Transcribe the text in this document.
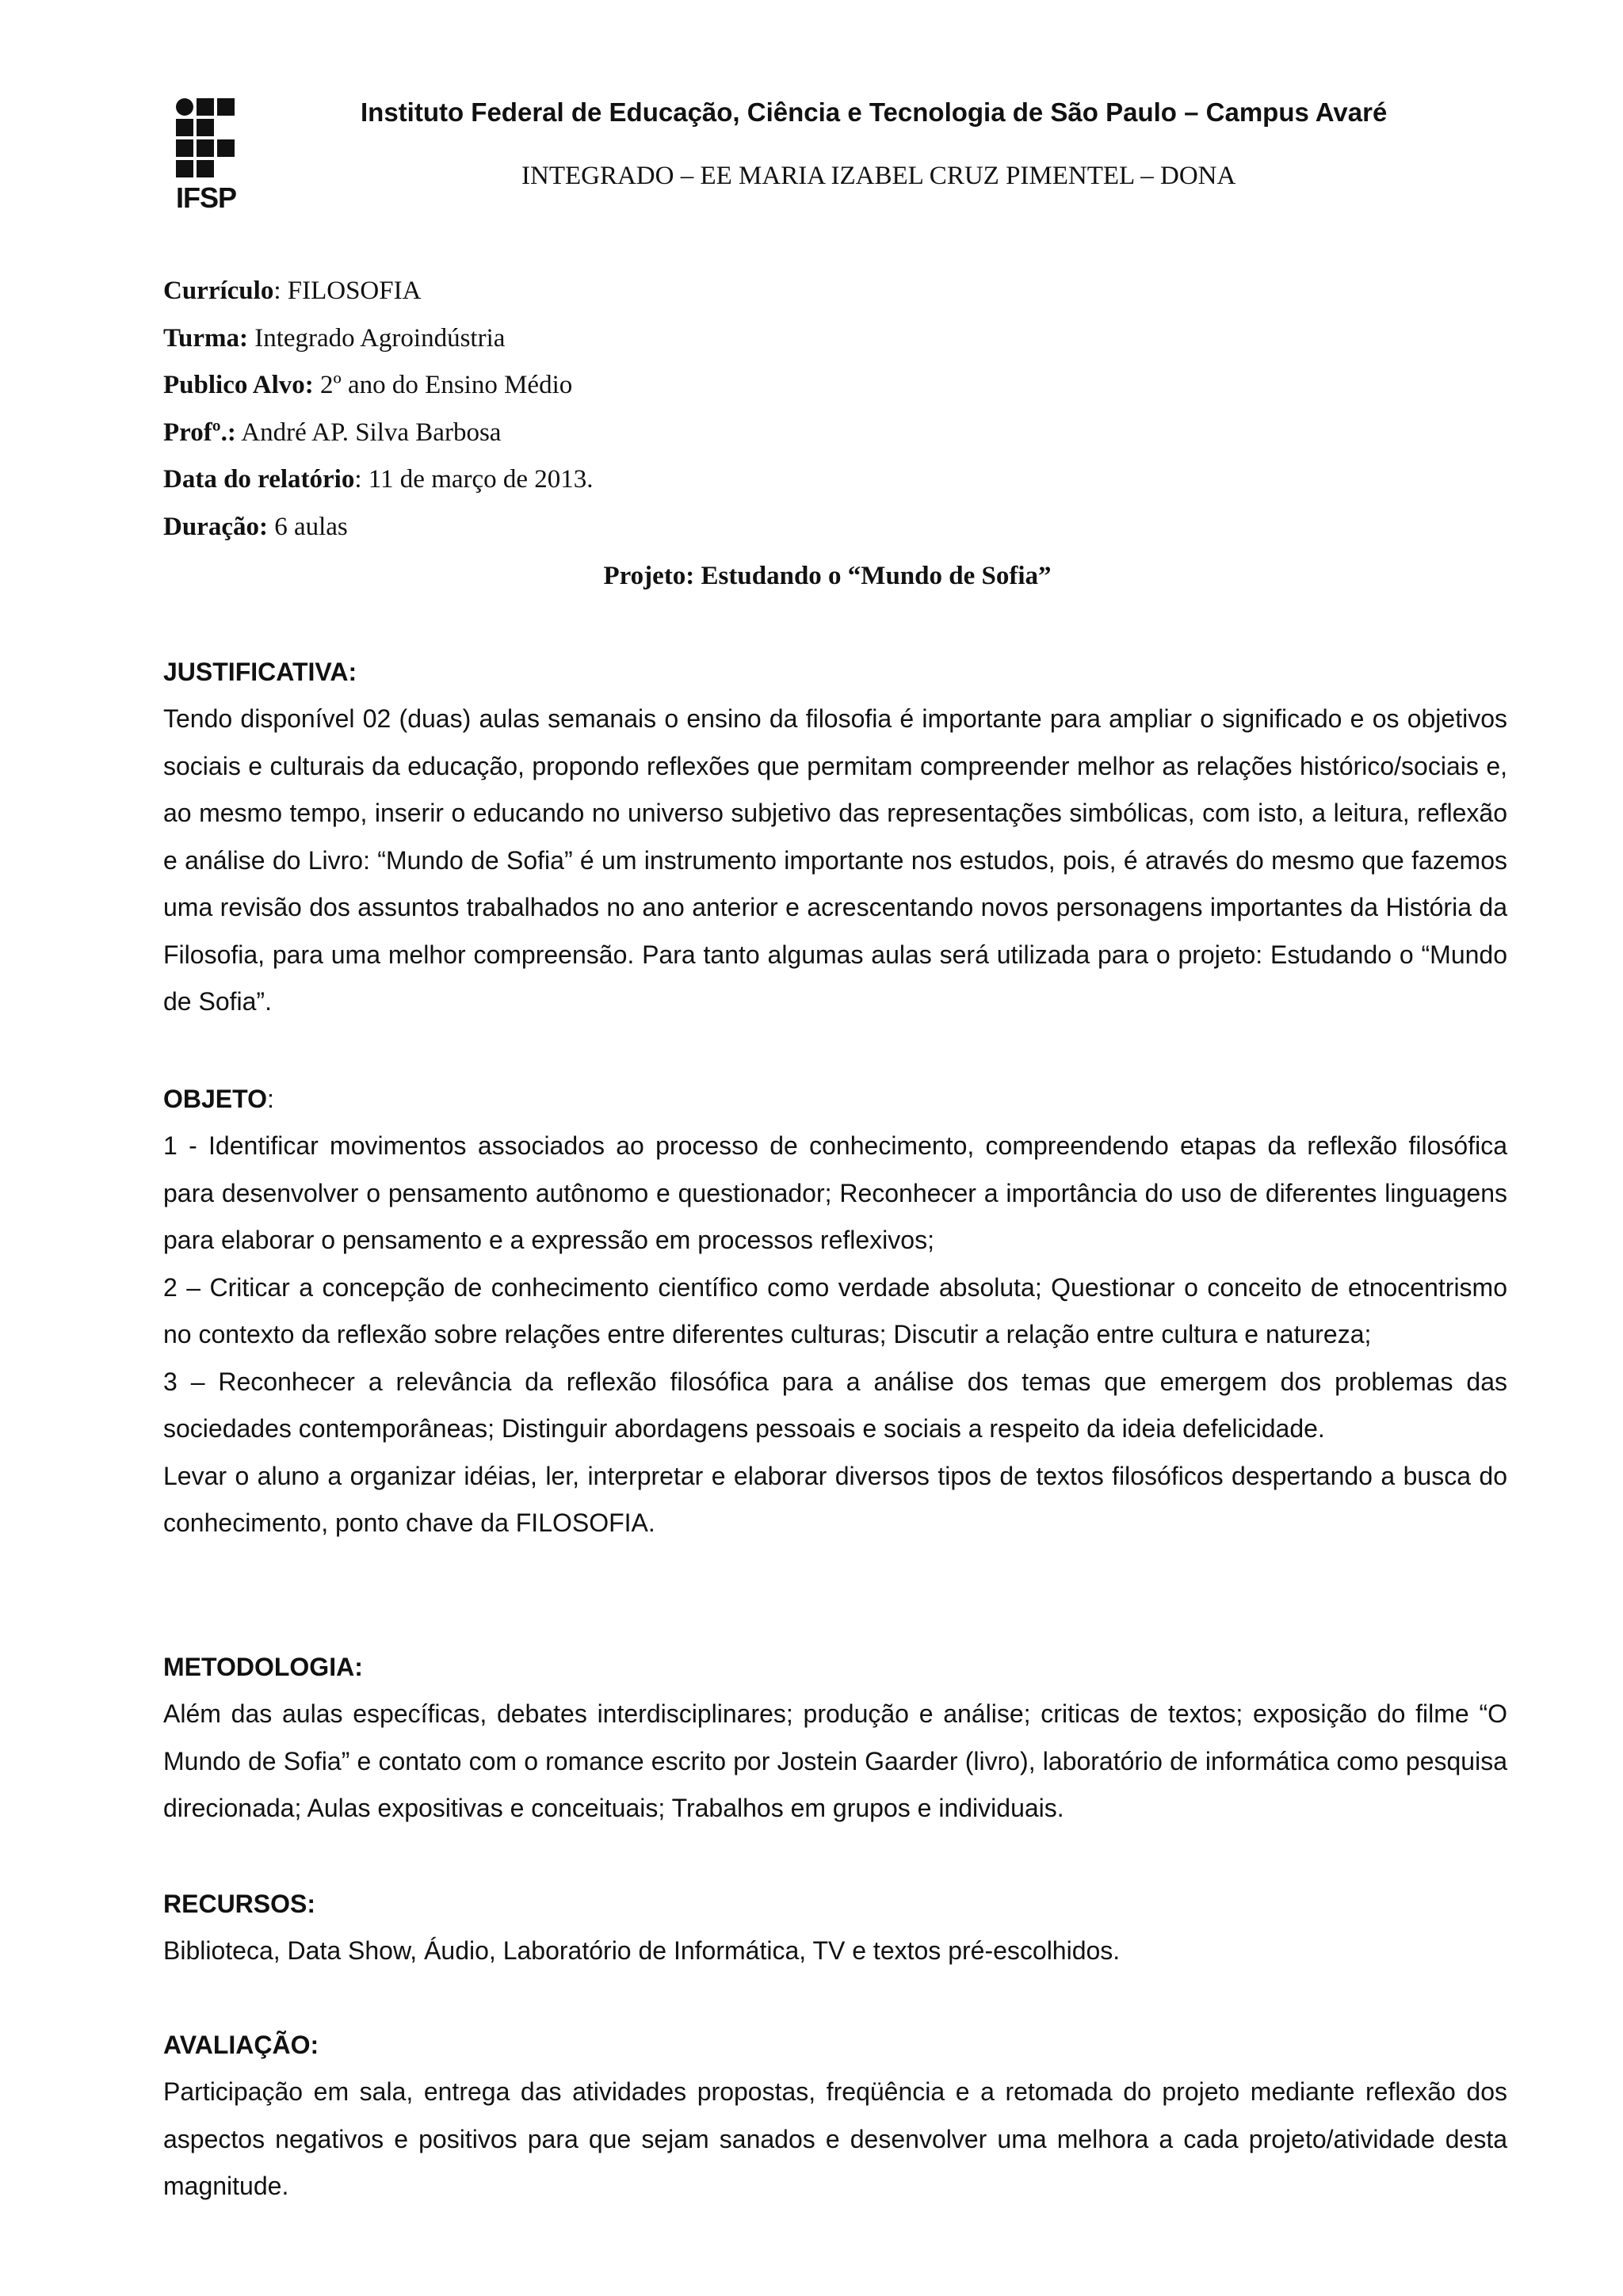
IFSP
Instituto Federal de Educação, Ciência e Tecnologia de São Paulo – Campus Avaré
INTEGRADO – EE MARIA IZABEL CRUZ PIMENTEL – DONA
Currículo: FILOSOFIA
Turma: Integrado Agroindústria
Publico Alvo: 2º ano do Ensino Médio
Profº.: André AP. Silva Barbosa
Data do relatório: 11 de março de 2013.
Duração: 6 aulas
Projeto: Estudando o “Mundo de Sofia”
JUSTIFICATIVA:

Tendo disponível 02 (duas) aulas semanais o ensino da filosofia é importante para ampliar o significado e os objetivos sociais e culturais da educação, propondo reflexões que permitam compreender melhor as relações histórico/sociais e, ao mesmo tempo, inserir o educando no universo subjetivo das representações simbólicas, com isto, a leitura, reflexão e análise do Livro: “Mundo de Sofia” é um instrumento importante nos estudos, pois, é através do mesmo que fazemos uma revisão dos assuntos trabalhados no ano anterior e acrescentando novos personagens importantes da História da Filosofia, para uma melhor compreensão. Para tanto algumas aulas será utilizada para o projeto: Estudando o “Mundo de Sofia”.

OBJETO:

1 - Identificar movimentos associados ao processo de conhecimento, compreendendo etapas da reflexão filosófica para desenvolver o pensamento autônomo e questionador; Reconhecer a importância do uso de diferentes linguagens para elaborar o pensamento e a expressão em processos reflexivos;

2 – Criticar a concepção de conhecimento científico como verdade absoluta; Questionar o conceito de etnocentrismo no contexto da reflexão sobre relações entre diferentes culturas; Discutir a relação entre cultura e natureza;

3 – Reconhecer a relevância da reflexão filosófica para a análise dos temas que emergem dos problemas das sociedades contemporâneas; Distinguir abordagens pessoais e sociais a respeito da ideia defelicidade.

Levar o aluno a organizar idéias, ler, interpretar e elaborar diversos tipos de textos filosóficos despertando a busca do conhecimento, ponto chave da FILOSOFIA.

METODOLOGIA:

Além das aulas específicas, debates interdisciplinares; produção e análise; criticas de textos; exposição do filme “O Mundo de Sofia” e contato com o romance escrito por Jostein Gaarder (livro), laboratório de informática como pesquisa direcionada; Aulas expositivas e conceituais; Trabalhos em grupos e individuais.

RECURSOS:

Biblioteca, Data Show, Áudio, Laboratório de Informática, TV e textos pré-escolhidos.

AVALIAÇÃO:

Participação em sala, entrega das atividades propostas, freqüência e a retomada do projeto mediante reflexão dos aspectos negativos e positivos para que sejam sanados e desenvolver uma melhora a cada projeto/atividade desta magnitude.
